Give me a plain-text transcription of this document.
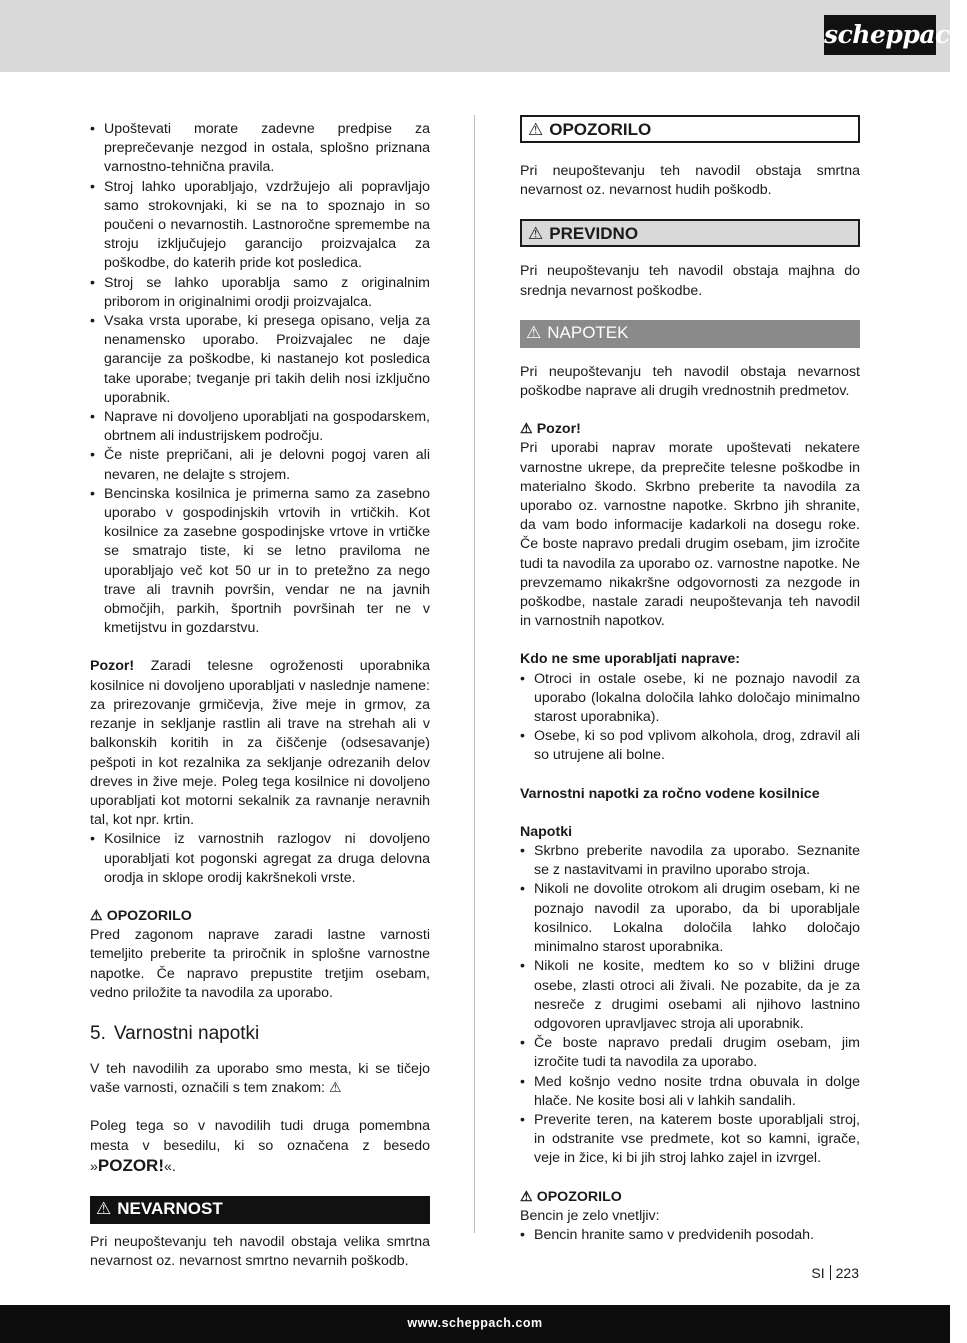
scheppach
• Upoštevati morate zadevne predpise za preprečevanje nezgod in ostala, splošno priznana varnostno-tehnična pravila.
• Stroj lahko uporabljajo, vzdržujejo ali popravljajo samo strokovnjaki, ki se na to spoznajo in so poučeni o nevarnostih. Lastnoročne spremembe na stroju izključujejo garancijo proizvajalca za poškodbe, do katerih pride kot posledica.
• Stroj se lahko uporablja samo z originalnim priborom in originalnimi orodji proizvajalca.
• Vsaka vrsta uporabe, ki presega opisano, velja za nenamensko uporabo. Proizvajalec ne daje garancije za poškodbe, ki nastanejo kot posledica take uporabe; tveganje pri takih delih nosi izključno uporabnik.
• Naprave ni dovoljeno uporabljati na gospodarskem, obrtnem ali industrijskem področju.
• Če niste prepričani, ali je delovni pogoj varen ali nevaren, ne delajte s strojem.
• Bencinska kosilnica je primerna samo za zasebno uporabo v gospodinjskih vrtovih in vrtičkih. Kot kosilnice za zasebne gospodinjske vrtove in vrtičke se smatrajo tiste, ki se letno praviloma ne uporabljajo več kot 50 ur in to pretežno za nego trave ali travnih površin, vendar ne na javnih območjih, parkih, športnih površinah ter ne v kmetijstvu in gozdarstvu.

Pozor! Zaradi telesne ogroženosti uporabnika kosilnice ni dovoljeno uporabljati v naslednje namene: za prirezovanje grmičevja, žive meje in grmov, za rezanje in sekljanje rastlin ali trave na strehah ali v balkonskih koritih in za čiščenje (odsesavanje) pešpoti in kot rezalnika za sekljanje odrezanih delov dreves in žive meje. Poleg tega kosilnice ni dovoljeno uporabljati kot motorni sekalnik za ravnanje neravnih tal, kot npr. krtin.

• Kosilnice iz varnostnih razlogov ni dovoljeno uporabljati kot pogonski agregat za druga delovna orodja in sklope orodij kakršnekoli vrste.

⚠ OPOZORILO

Pred zagonom naprave zaradi lastne varnosti temeljito preberite ta priročnik in splošne varnostne napotke. Če napravo prepustite tretjim osebam, vedno priložite ta navodila za uporabo.

5. Varnostni napotki

V teh navodilih za uporabo smo mesta, ki se tičejo vaše varnosti, označili s tem znakom: ⚠

Poleg tega so v navodilih tudi druga pomembna mesta v besedilu, ki so označena z besedo »POZOR!«.

⚠ NEVARNOST

Pri neupoštevanju teh navodil obstaja velika smrtna nevarnost oz. nevarnost smrtno nevarnih poškodb.

⚠ OPOZORILO

Pri neupoštevanju teh navodil obstaja smrtna nevarnost oz. nevarnost hudih poškodb.

⚠ PREVIDNO

Pri neupoštevanju teh navodil obstaja majhna do srednja nevarnost poškodbe.

⚠ NAPOTEK

Pri neupoštevanju teh navodil obstaja nevarnost poškodbe naprave ali drugih vrednostnih predmetov.

⚠ Pozor!

Pri uporabi naprav morate upoštevati nekatere varnostne ukrepe, da preprečite telesne poškodbe in materialno škodo. Skrbno preberite ta navodila za uporabo oz. varnostne napotke. Skrbno jih shranite, da vam bodo informacije kadarkoli na dosegu roke. Če boste napravo predali drugim osebam, jim izročite tudi ta navodila za uporabo oz. varnostne napotke. Ne prevzemamo nikakršne odgovornosti za nezgode in poškodbe, nastale zaradi neupoštevanja teh navodil in varnostnih napotkov.

Kdo ne sme uporabljati naprave:

• Otroci in ostale osebe, ki ne poznajo navodil za uporabo (lokalna določila lahko določajo minimalno starost uporabnika).
• Osebe, ki so pod vplivom alkohola, drog, zdravil ali so utrujene ali bolne.

Varnostni napotki za ročno vodene kosilnice

Napotki

• Skrbno preberite navodila za uporabo. Seznanite se z nastavitvami in pravilno uporabo stroja.
• Nikoli ne dovolite otrokom ali drugim osebam, ki ne poznajo navodil za uporabo, da bi uporabljale kosilnico. Lokalna določila lahko določajo minimalno starost uporabnika.
• Nikoli ne kosite, medtem ko so v bližini druge osebe, zlasti otroci ali živali. Ne pozabite, da je za nesreče z drugimi osebami ali njihovo lastnino odgovoren upravljavec stroja ali uporabnik.
• Če boste napravo predali drugim osebam, jim izročite tudi ta navodila za uporabo.
• Med košnjo vedno nosite trdna obuvala in dolge hlače. Ne kosite bosi ali v lahkih sandalih.
• Preverite teren, na katerem boste uporabljali stroj, in odstranite vse predmete, kot so kamni, igrače, veje in žice, ki bi jih stroj lahko zajel in izvrgel.

⚠ OPOZORILO

Bencin je zelo vnetljiv:

• Bencin hranite samo v predvidenih posodah.
SI 223
www.scheppach.com
